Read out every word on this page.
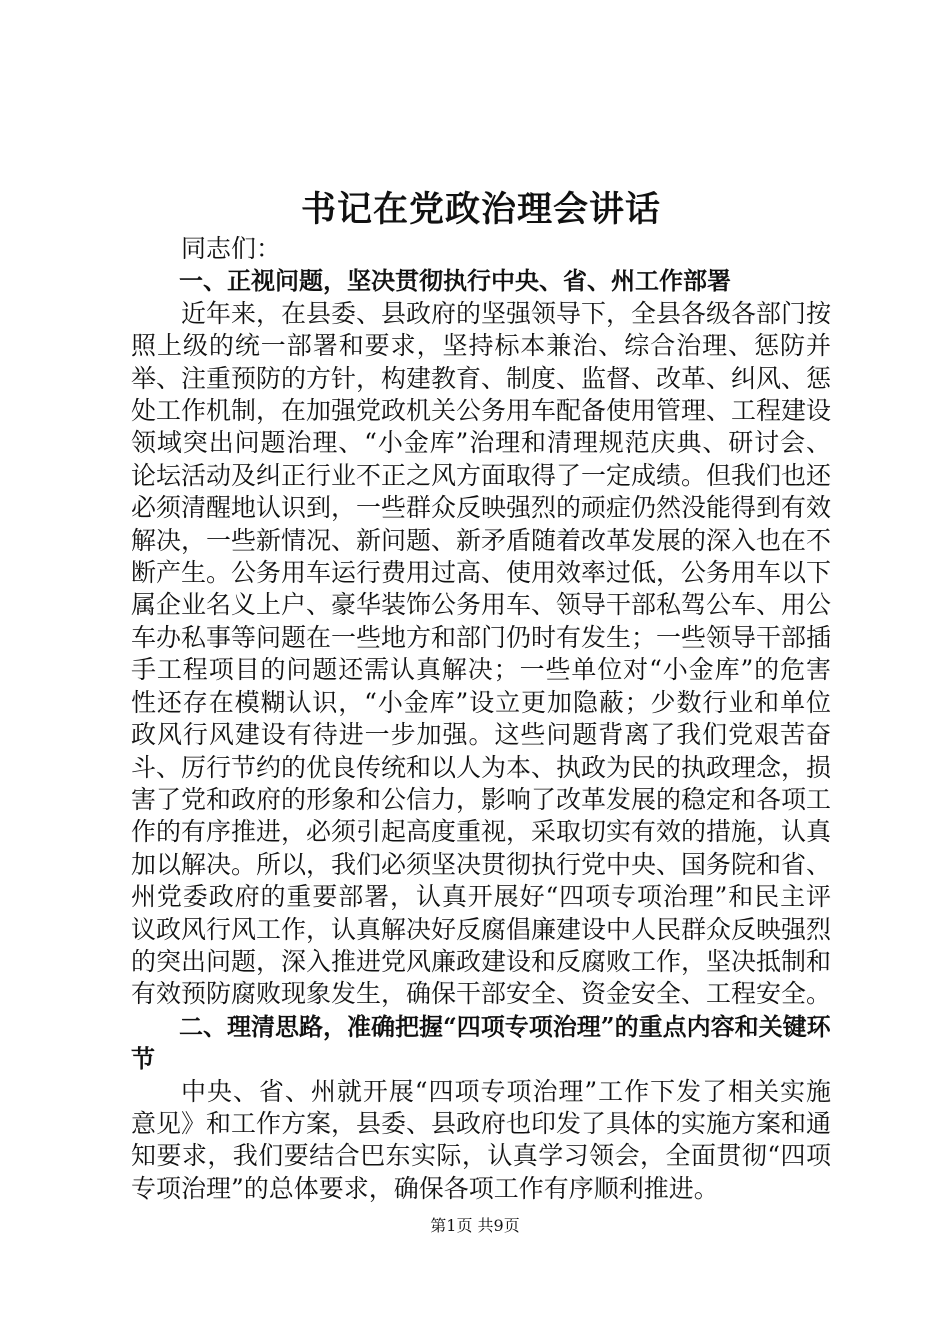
书记在党政治理会讲话

同志们：

一、正视问题，坚决贯彻执行中央、省、州工作部署

近年来，在县委、县政府的坚强领导下，全县各级各部门按照上级的统一部署和要求，坚持标本兼治、综合治理、惩防并举、注重预防的方针，构建教育、制度、监督、改革、纠风、惩处工作机制，在加强党政机关公务用车配备使用管理、工程建设领域突出问题治理、“小金库”治理和清理规范庆典、研讨会、论坛活动及纠正行业不正之风方面取得了一定成绩。但我们也还必须清醒地认识到，一些群众反映强烈的顽症仍然没能得到有效解决，一些新情况、新问题、新矛盾随着改革发展的深入也在不断产生。公务用车运行费用过高、使用效率过低，公务用车以下属企业名义上户、豪华装饰公务用车、领导干部私驾公车、用公车办私事等问题在一些地方和部门仍时有发生；一些领导干部插手工程项目的问题还需认真解决；一些单位对“小金库”的危害性还存在模糊认识，“小金库”设立更加隐蔽；少数行业和单位政风行风建设有待进一步加强。这些问题背离了我们党艰苦奋斗、厉行节约的优良传统和以人为本、执政为民的执政理念，损害了党和政府的形象和公信力，影响了改革发展的稳定和各项工作的有序推进，必须引起高度重视，采取切实有效的措施，认真加以解决。所以，我们必须坚决贯彻执行党中央、国务院和省、州党委政府的重要部署，认真开展好“四项专项治理”和民主评议政风行风工作，认真解决好反腐倡廉建设中人民群众反映强烈的突出问题，深入推进党风廉政建设和反腐败工作，坚决抵制和有效预防腐败现象发生，确保干部安全、资金安全、工程安全。

二、理清思路，准确把握“四项专项治理”的重点内容和关键环节

中央、省、州就开展“四项专项治理”工作下发了相关实施意见》和工作方案，县委、县政府也印发了具体的实施方案和通知要求，我们要结合巴东实际，认真学习领会，全面贯彻“四项专项治理”的总体要求，确保各项工作有序顺利推进。

第1页 共9页
